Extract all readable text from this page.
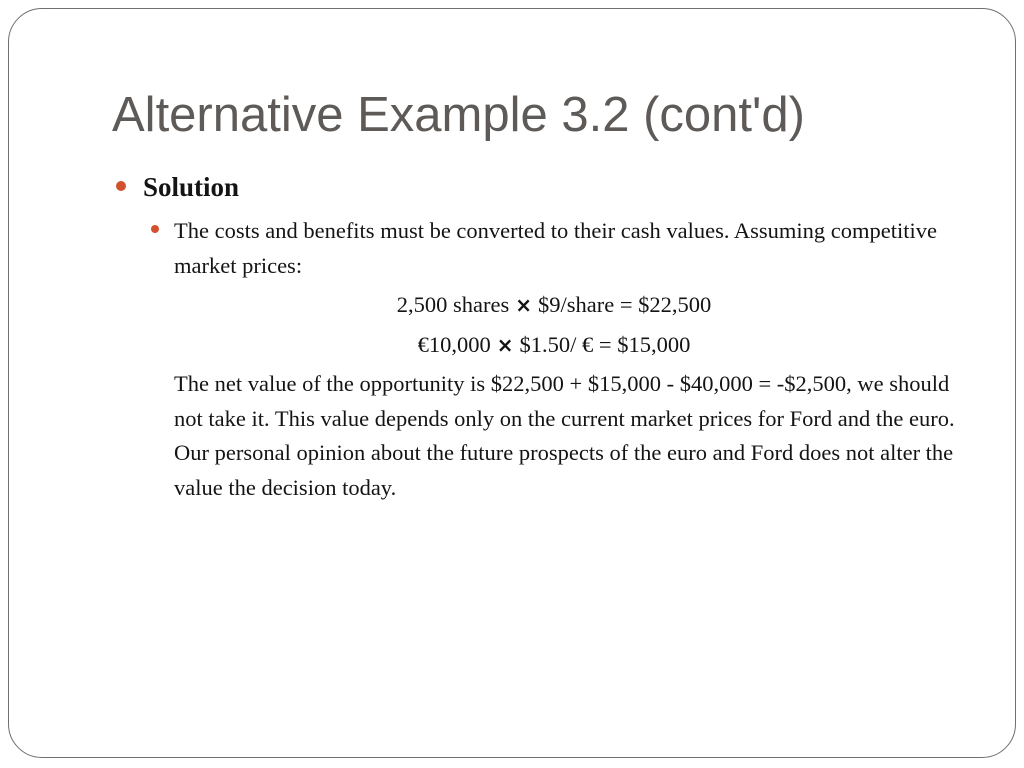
Alternative Example 3.2 (cont'd)
Solution

The costs and benefits must be converted to their cash values. Assuming competitive market prices:

2,500 shares × $9/share = $22,500
€10,000 × $1.50/ € = $15,000

The net value of the opportunity is $22,500 + $15,000 - $40,000 = -$2,500, we should not take it. This value depends only on the current market prices for Ford and the euro. Our personal opinion about the future prospects of the euro and Ford does not alter the value the decision today.
